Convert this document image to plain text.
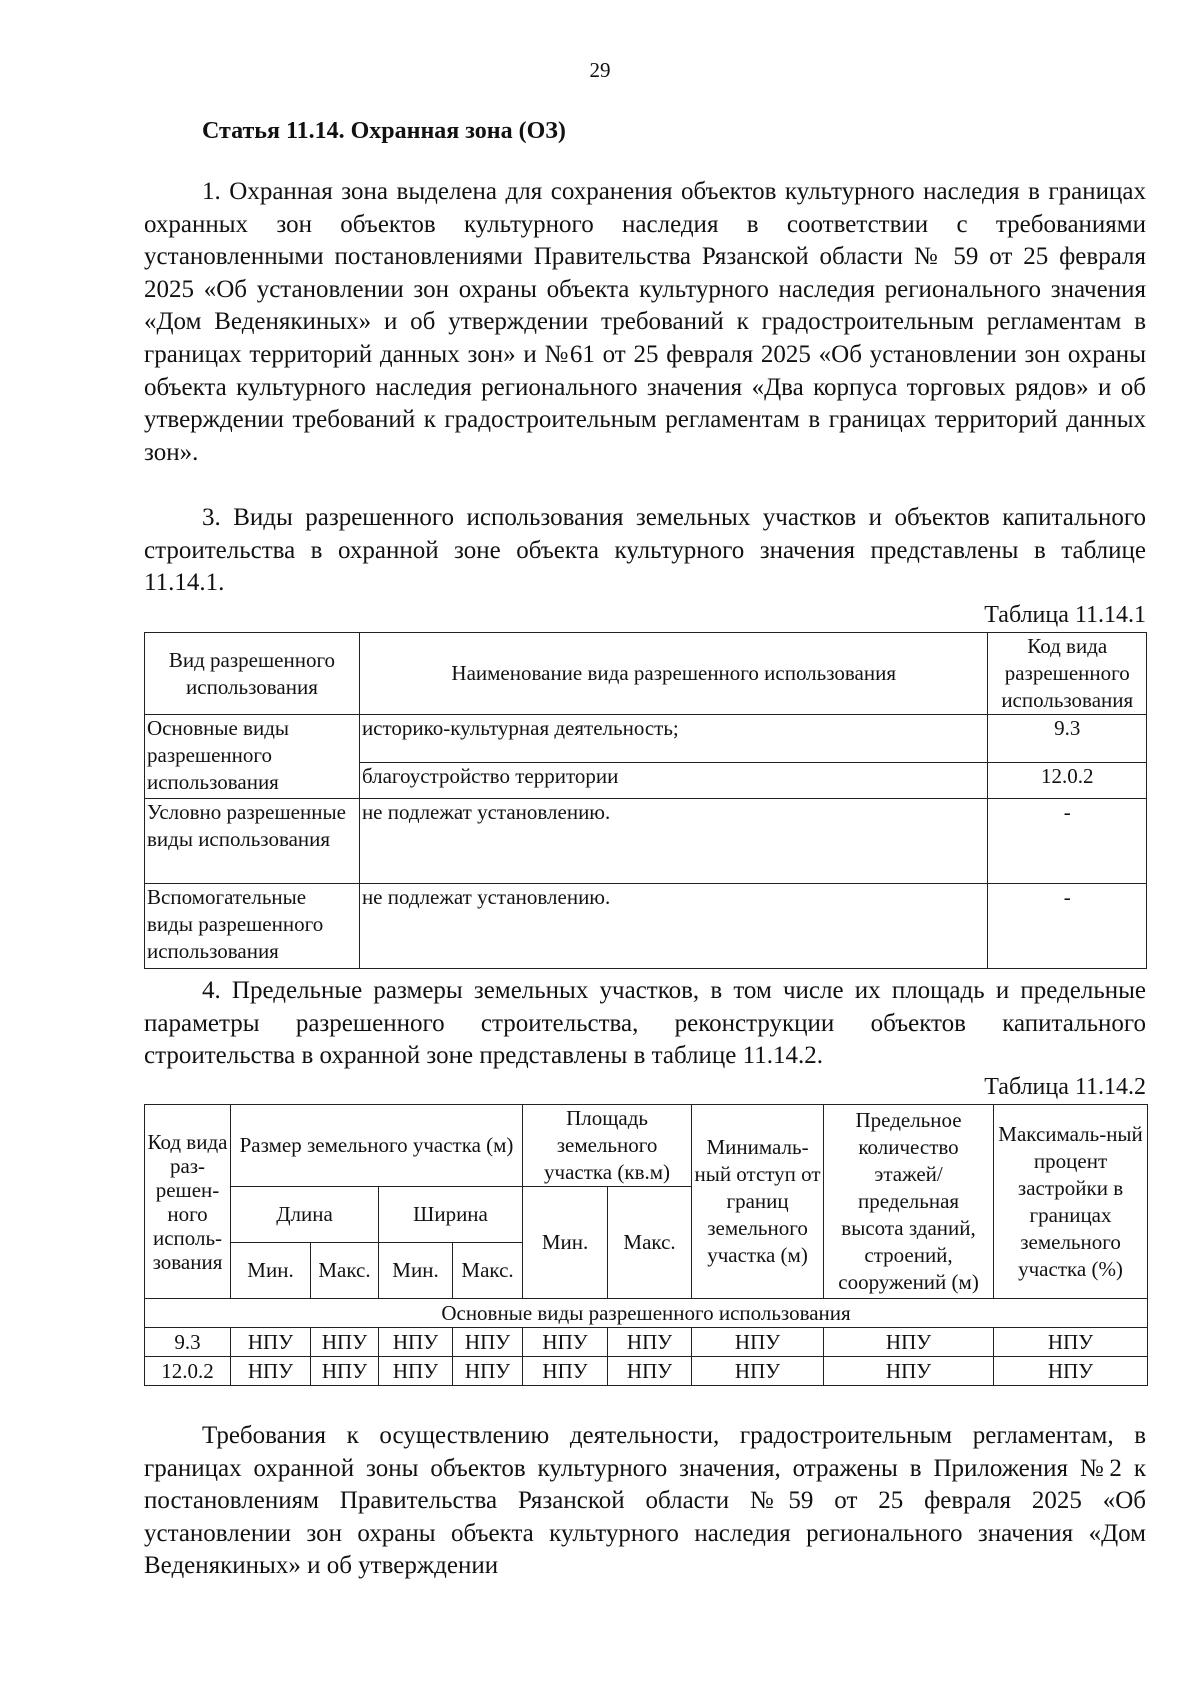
29
Статья 11.14. Охранная зона (ОЗ)

1. Охранная зона выделена для сохранения объектов культурного наследия в границах охранных зон объектов культурного наследия в соответствии с требованиями установленными постановлениями Правительства Рязанской области № 59 от 25 февраля 2025 «Об установлении зон охраны объекта культурного наследия регионального значения «Дом Веденякиных» и об утверждении требований к градостроительным регламентам в границах территорий данных зон» и №61 от 25 февраля 2025 «Об установлении зон охраны объекта культурного наследия регионального значения «Два корпуса торговых рядов» и об утверждении требований к градостроительным регламентам в границах территорий данных зон».

3. Виды разрешенного использования земельных участков и объектов капитального строительства в охранной зоне объекта культурного значения представлены в таблице 11.14.1.

Таблица 11.14.1
Вид разрешенного использования	Наименование вида разрешенного использования	Код вида разрешенного использования
Основные виды разрешенного использования	историко-культурная деятельность;	9.3
	благоустройство территории	12.0.2
Условно разрешенные виды использования	не подлежат установлению.	-
Вспомогательные виды разрешенного использования	не подлежат установлению.	-

4. Предельные размеры земельных участков, в том числе их площадь и предельные параметры разрешенного строительства, реконструкции объектов капитального строительства в охранной зоне представлены в таблице 11.14.2.

Таблица 11.14.2
Код вида раз-решен-ного исполь-зования	Размер земельного участка (м)				Площадь земельного участка (кв.м)		Минималь-ный отступ от границ земельного участка (м)	Предельное количество этажей/ предельная высота зданий, строений, сооружений (м)	Максималь-ный процент застройки в границах земельного участка (%)
	Длина		Ширина		Мин.	Макс.			
	Мин.	Макс.	Мин.	Макс.					
Основные виды разрешенного использования									
9.3	НПУ	НПУ	НПУ	НПУ	НПУ	НПУ	НПУ	НПУ	НПУ
12.0.2	НПУ	НПУ	НПУ	НПУ	НПУ	НПУ	НПУ	НПУ	НПУ

Требования к осуществлению деятельности, градостроительным регламентам, в границах охранной зоны объектов культурного значения, отражены в Приложения №2 к постановлениям Правительства Рязанской области №59 от 25 февраля 2025 «Об установлении зон охраны объекта культурного наследия регионального значения «Дом Веденякиных» и об утверждении
